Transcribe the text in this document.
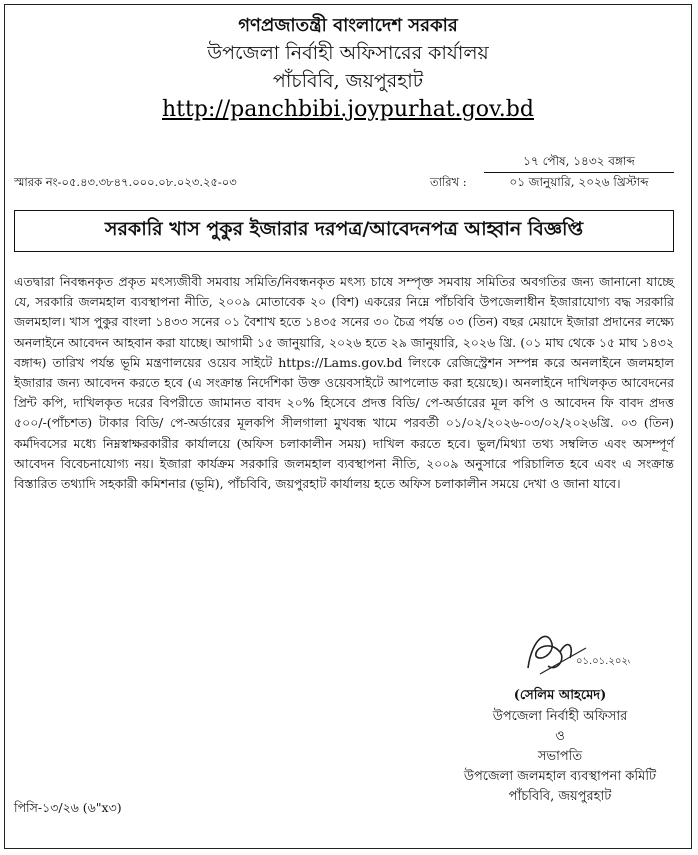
গণপ্রজাতন্ত্রী বাংলাদেশ সরকার
উপজেলা নির্বাহী অফিসারের কার্যালয়
পাঁচবিবি, জয়পুরহাট
http://panchbibi.joypurhat.gov.bd
স্মারক নং-০৫.৪৩.৩৮৪৭.০০০.০৮.০২৩.২৫-০৩	তারিখ :
১৭ পৌষ, ১৪৩২ বঙ্গাব্দ
০১ জানুয়ারি, ২০২৬ খ্রিস্টাব্দ
সরকারি খাস পুকুর ইজারার দরপত্র/আবেদনপত্র আহ্বান বিজ্ঞপ্তি
এতদ্বারা নিবন্ধনকৃত প্রকৃত মৎস্যজীবী সমবায় সমিতি/নিবন্ধনকৃত মৎস্য চাষে সম্পৃক্ত সমবায় সমিতির অবগতির জন্য জানানো যাচ্ছে যে, সরকারি জলমহাল ব্যবস্থাপনা নীতি, ২০০৯ মোতাবেক ২০ (বিশ) একরের নিম্নে পাঁচবিবি উপজেলাধীন ইজারাযোগ্য বদ্ধ সরকারি জলমহাল। খাস পুকুর বাংলা ১৪৩৩ সনের ০১ বৈশাখ হতে ১৪৩৫ সনের ৩০ চৈত্র পর্যন্ত ০৩ (তিন) বছর মেয়াদে ইজারা প্রদানের লক্ষ্যে অনলাইনে আবেদন আহবান করা যাচ্ছে। আগামী ১৫ জানুয়ারি, ২০২৬ হতে ২৯ জানুয়ারি, ২০২৬ খ্রি. (০১ মাঘ থেকে ১৫ মাঘ ১৪৩২ বঙ্গাব্দ) তারিখ পর্যন্ত ভূমি মন্ত্রণালয়ের ওয়েব সাইটে https://Lams.gov.bd লিংকে রেজিস্ট্রেশন সম্পন্ন করে অনলাইনে জলমহাল ইজারার জন্য আবেদন করতে হবে (এ সংক্রান্ত নির্দেশিকা উক্ত ওয়েবসাইটে আপলোড করা হয়েছে)। অনলাইনে দাখিলকৃত আবেদনের প্রিন্ট কপি, দাখিলকৃত দরের বিপরীতে জামানত বাবদ ২০% হিসেবে প্রদত্ত বিডি/ পে-অর্ডারের মূল কপি ও আবেদন ফি বাবদ প্রদত্ত ৫০০/-(পাঁচশত) টাকার বিডি/ পে-অর্ডারের মূলকপি সীলগালা মুখবন্ধ খামে পরবর্তী ০১/০২/২০২৬-০৩/০২/২০২৬খ্রি. ০৩ (তিন) কর্মদিবসের মধ্যে নিম্নস্বাক্ষরকারীর কার্যালয়ে (অফিস চলাকালীন সময়) দাখিল করতে হবে। ভুল/মিথ্যা তথ্য সম্বলিত এবং অসম্পূর্ণ আবেদন বিবেচনাযোগ্য নয়। ইজারা কার্যক্রম সরকারি জলমহাল ব্যবস্থাপনা নীতি, ২০০৯ অনুসারে পরিচালিত হবে এবং এ সংক্রান্ত বিস্তারিত তথ্যাদি সহকারী কমিশনার (ভূমি), পাঁচবিবি, জয়পুরহাট কার্যালয় হতে অফিস চলাকালীন সময়ে দেখা ও জানা যাবে।
০১.০১.২০২৬
(সেলিম আহমেদ)
উপজেলা নির্বাহী অফিসার
ও
সভাপতি
উপজেলা জলমহাল ব্যবস্থাপনা কমিটি
পাঁচবিবি, জয়পুরহাট
পিসি-১৩/২৬ (৬"x৩)
